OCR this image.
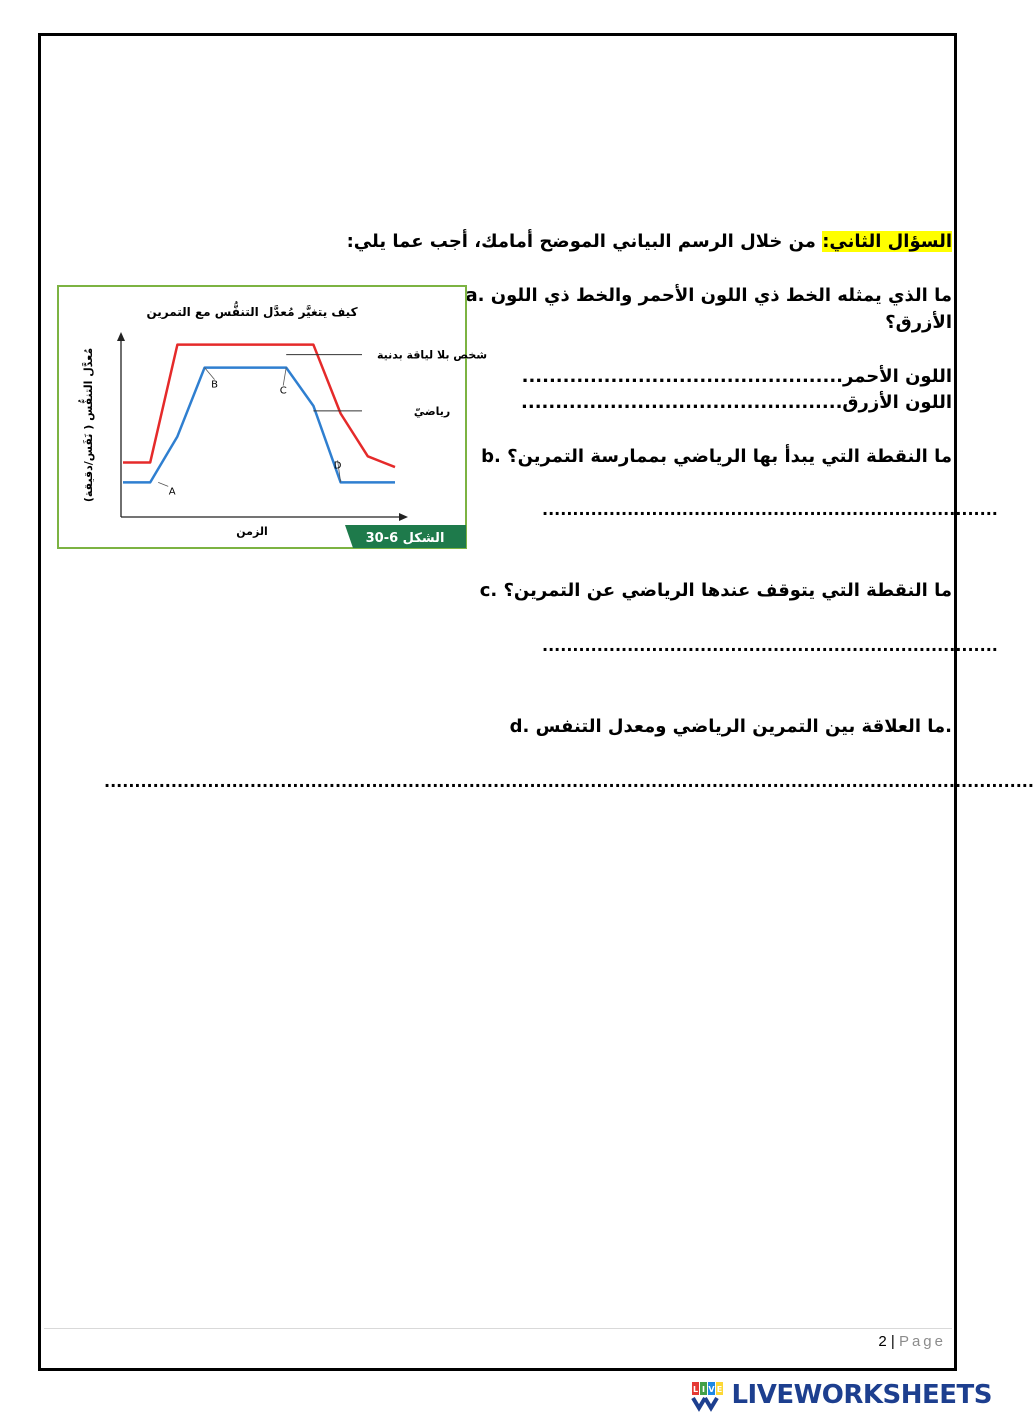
السؤال الثاني: من خلال الرسم البياني الموضح أمامك، أجب عما يلي:
a. ما الذي يمثله الخط ذي اللون الأحمر والخط ذي اللون
الأزرق؟
اللون الأحمر...............................................
اللون الأزرق...............................................
b. ما النقطة التي يبدأ بها الرياضي بممارسة التمرين؟
...........................................................................
c. ما النقطة التي يتوقف عندها الرياضي عن التمرين؟
...........................................................................
d. ما العلاقة بين التمرين الرياضي ومعدل التنفس.
.........................................................................................................................................................
كيف يتغيَّر مُعدَّل التنفُّس مع التمرين
مُعدَّل التنفُّس ( نَفَس/دقيقة)
الزمن
شخص بلا لياقة بدنية
رياضيّ
A
B
C
D
الشكل 6-30
2 | Page
L I V E LIVEWORKSHEETS
